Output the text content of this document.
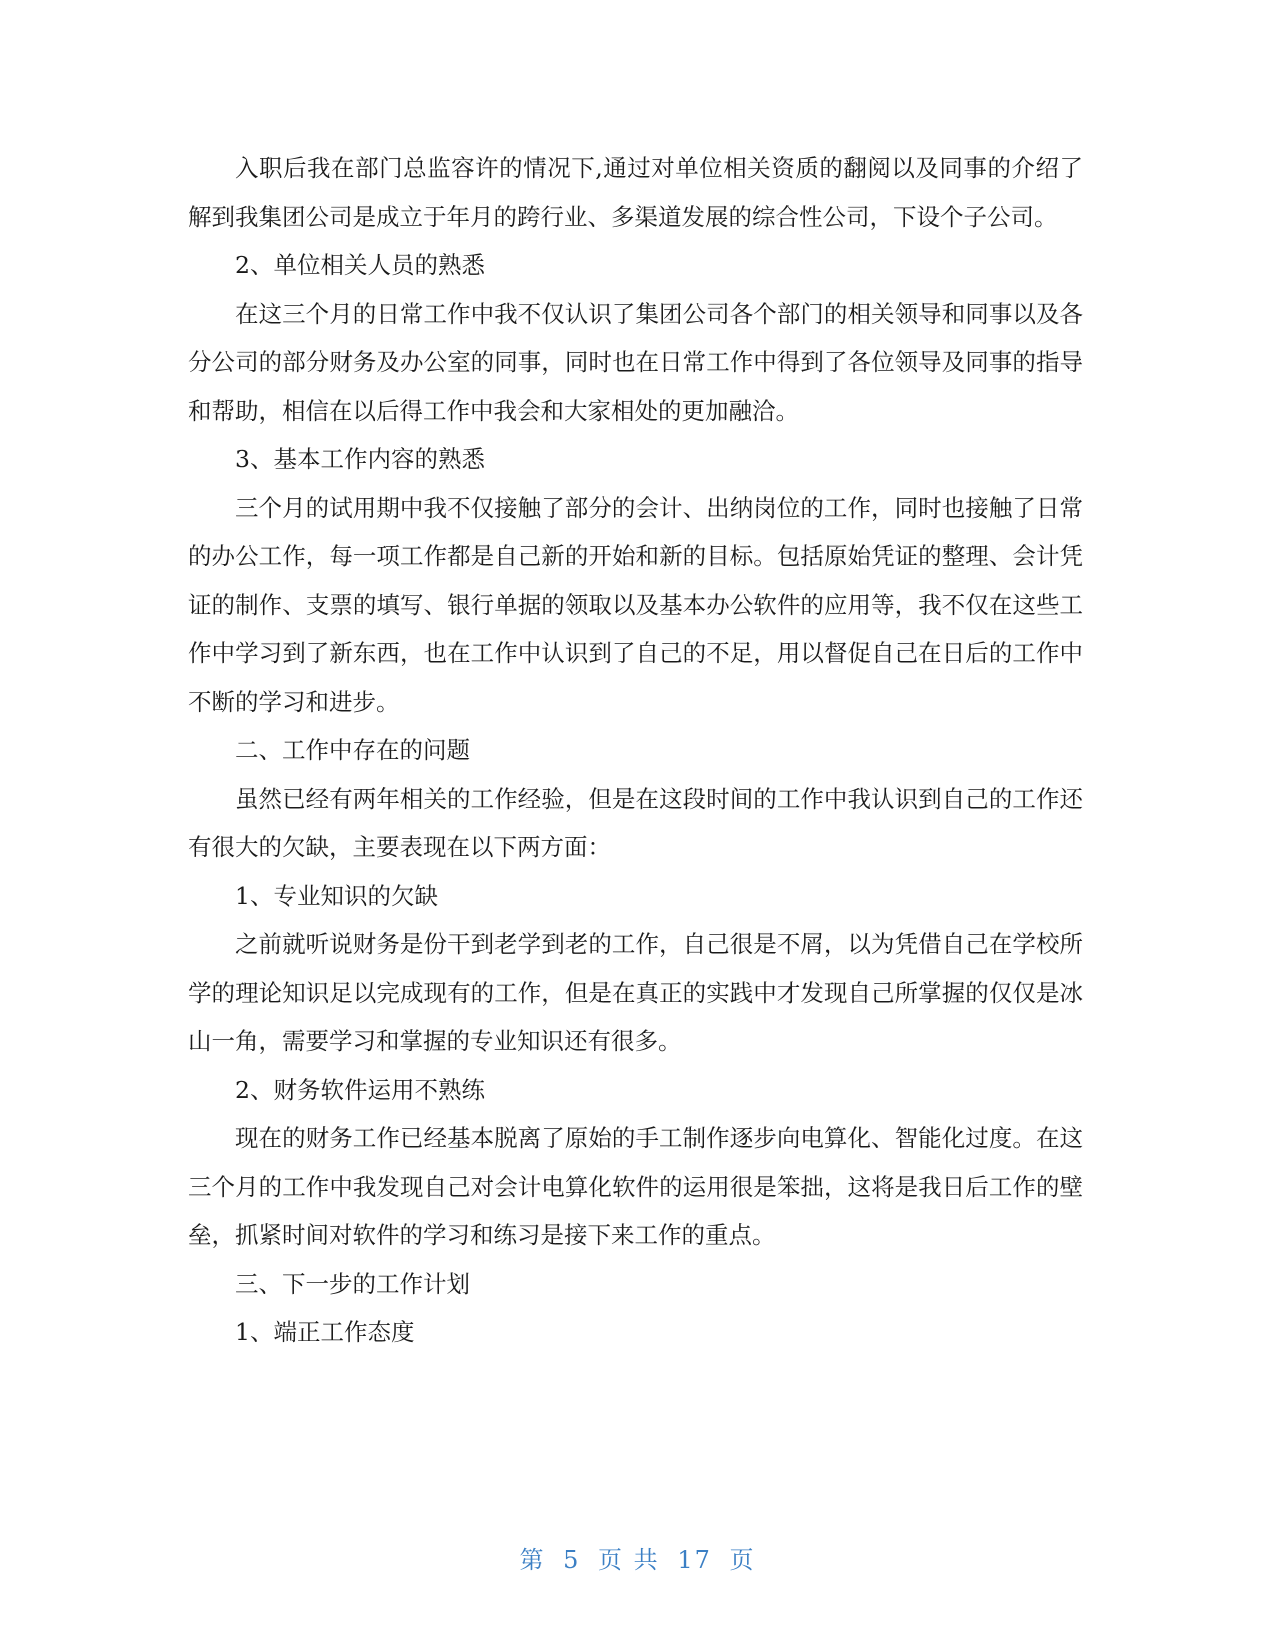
入职后我在部门总监容许的情况下,通过对单位相关资质的翻阅以及同事的介绍了解到我集团公司是成立于年月的跨行业、多渠道发展的综合性公司，下设个子公司。

2、单位相关人员的熟悉

在这三个月的日常工作中我不仅认识了集团公司各个部门的相关领导和同事以及各分公司的部分财务及办公室的同事，同时也在日常工作中得到了各位领导及同事的指导和帮助，相信在以后得工作中我会和大家相处的更加融洽。

3、基本工作内容的熟悉

三个月的试用期中我不仅接触了部分的会计、出纳岗位的工作，同时也接触了日常的办公工作，每一项工作都是自己新的开始和新的目标。包括原始凭证的整理、会计凭证的制作、支票的填写、银行单据的领取以及基本办公软件的应用等，我不仅在这些工作中学习到了新东西，也在工作中认识到了自己的不足，用以督促自己在日后的工作中不断的学习和进步。

二、工作中存在的问题

虽然已经有两年相关的工作经验，但是在这段时间的工作中我认识到自己的工作还有很大的欠缺，主要表现在以下两方面：

1、专业知识的欠缺

之前就听说财务是份干到老学到老的工作，自己很是不屑，以为凭借自己在学校所学的理论知识足以完成现有的工作，但是在真正的实践中才发现自己所掌握的仅仅是冰山一角，需要学习和掌握的专业知识还有很多。

2、财务软件运用不熟练

现在的财务工作已经基本脱离了原始的手工制作逐步向电算化、智能化过度。在这三个月的工作中我发现自己对会计电算化软件的运用很是笨拙，这将是我日后工作的壁垒，抓紧时间对软件的学习和练习是接下来工作的重点。

三、下一步的工作计划

1、端正工作态度

第 5 页 共 17 页
